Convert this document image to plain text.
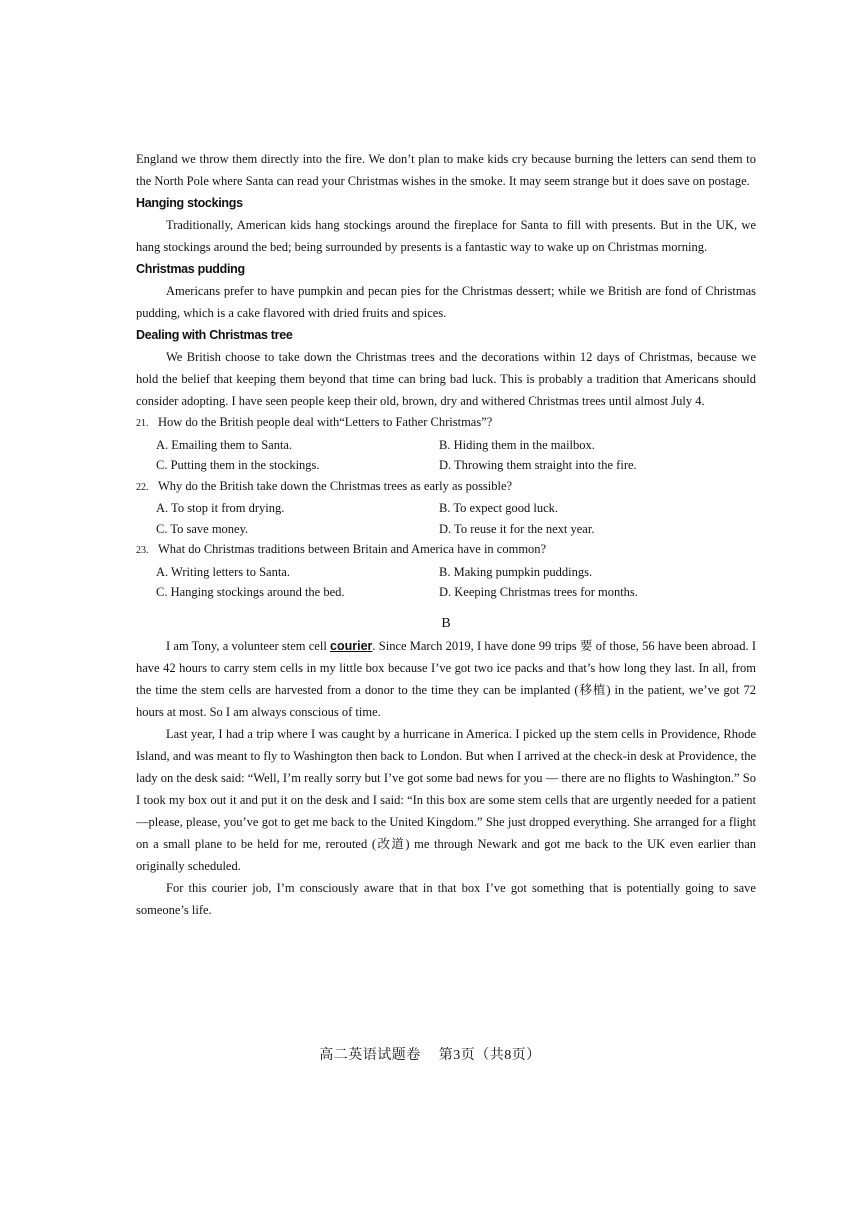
England we throw them directly into the fire. We don’t plan to make kids cry because burning the letters can send them to the North Pole where Santa can read your Christmas wishes in the smoke. It may seem strange but it does save on postage.

Hanging stockings

Traditionally, American kids hang stockings around the fireplace for Santa to fill with presents. But in the UK, we hang stockings around the bed; being surrounded by presents is a fantastic way to wake up on Christmas morning.

Christmas pudding

Americans prefer to have pumpkin and pecan pies for the Christmas dessert; while we British are fond of Christmas pudding, which is a cake flavored with dried fruits and spices.

Dealing with Christmas tree

We British choose to take down the Christmas trees and the decorations within 12 days of Christmas, because we hold the belief that keeping them beyond that time can bring bad luck. This is probably a tradition that Americans should consider adopting. I have seen people keep their old, brown, dry and withered Christmas trees until almost July 4.

21. How do the British people deal with“Letters to Father Christmas”?

A. Emailing them to Santa.	B. Hiding them in the mailbox.
C. Putting them in the stockings.	D. Throwing them straight into the fire.

22. Why do the British take down the Christmas trees as early as possible?

A. To stop it from drying.	B. To expect good luck.
C. To save money.	D. To reuse it for the next year.

23. What do Christmas traditions between Britain and America have in common?

A. Writing letters to Santa.	B. Making pumpkin puddings.
C. Hanging stockings around the bed.	D. Keeping Christmas trees for months.

B

I am Tony, a volunteer stem cell courier. Since March 2019, I have done 99 trips 要 of those, 56 have been abroad. I have 42 hours to carry stem cells in my little box because I’ve got two ice packs and that’s how long they last. In all, from the time the stem cells are harvested from a donor to the time they can be implanted (移植) in the patient, we’ve got 72 hours at most. So I am always conscious of time.

Last year, I had a trip where I was caught by a hurricane in America. I picked up the stem cells in Providence, Rhode Island, and was meant to fly to Washington then back to London. But when I arrived at the check-in desk at Providence, the lady on the desk said: “Well, I’m really sorry but I’ve got some bad news for you — there are no flights to Washington.” So I took my box out it and put it on the desk and I said: “In this box are some stem cells that are urgently needed for a patient—please, please, you’ve got to get me back to the United Kingdom.” She just dropped everything. She arranged for a flight on a small plane to be held for me, rerouted (改道) me through Newark and got me back to the UK even earlier than originally scheduled.

For this courier job, I’m consciously aware that in that box I’ve got something that is potentially going to save someone’s life.

高二英语试题卷 第3页（共8页）
